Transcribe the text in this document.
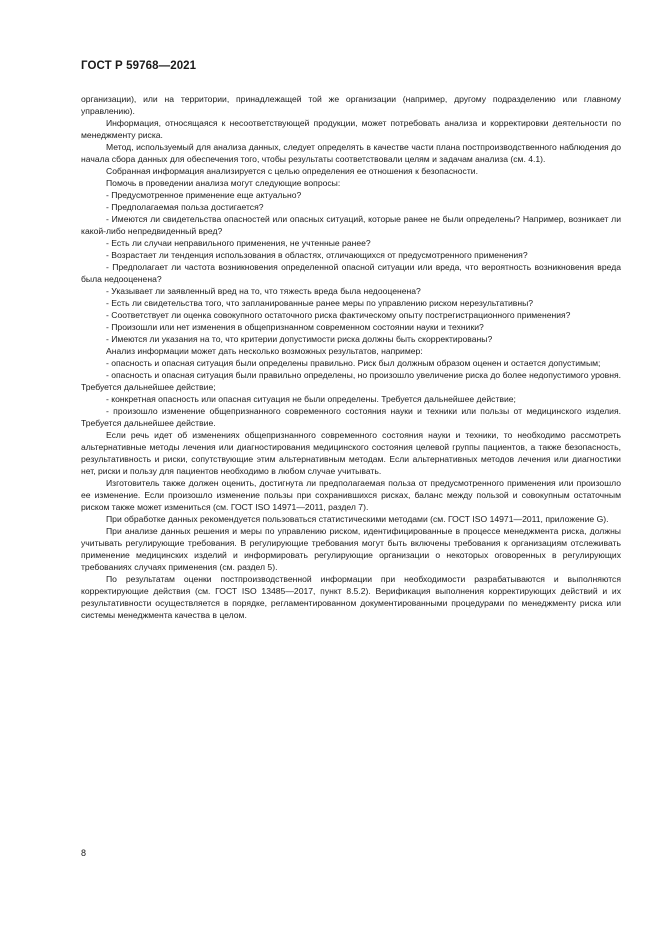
ГОСТ Р 59768—2021

организации), или на территории, принадлежащей той же организации (например, другому подразделению или главному управлению).

Информация, относящаяся к несоответствующей продукции, может потребовать анализа и корректировки деятельности по менеджменту риска.

Метод, используемый для анализа данных, следует определять в качестве части плана постпроизводственного наблюдения до начала сбора данных для обеспечения того, чтобы результаты соответствовали целям и задачам анализа (см. 4.1).

Собранная информация анализируется с целью определения ее отношения к безопасности.

Помочь в проведении анализа могут следующие вопросы:

- Предусмотренное применение еще актуально?

- Предполагаемая польза достигается?

- Имеются ли свидетельства опасностей или опасных ситуаций, которые ранее не были определены? Например, возникает ли какой-либо непредвиденный вред?

- Есть ли случаи неправильного применения, не учтенные ранее?

- Возрастает ли тенденция использования в областях, отличающихся от предусмотренного применения?

- Предполагает ли частота возникновения определенной опасной ситуации или вреда, что вероятность возникновения вреда была недооценена?

- Указывает ли заявленный вред на то, что тяжесть вреда была недооценена?

- Есть ли свидетельства того, что запланированные ранее меры по управлению риском нерезультативны?

- Соответствует ли оценка совокупного остаточного риска фактическому опыту пострегистрационного применения?

- Произошли или нет изменения в общепризнанном современном состоянии науки и техники?

- Имеются ли указания на то, что критерии допустимости риска должны быть скорректированы?

Анализ информации может дать несколько возможных результатов, например:

- опасность и опасная ситуация были определены правильно. Риск был должным образом оценен и остается допустимым;

- опасность и опасная ситуация были правильно определены, но произошло увеличение риска до более недопустимого уровня. Требуется дальнейшее действие;

- конкретная опасность или опасная ситуация не были определены. Требуется дальнейшее действие;

- произошло изменение общепризнанного современного состояния науки и техники или пользы от медицинского изделия. Требуется дальнейшее действие.

Если речь идет об изменениях общепризнанного современного состояния науки и техники, то необходимо рассмотреть альтернативные методы лечения или диагностирования медицинского состояния целевой группы пациентов, а также безопасность, результативность и риски, сопутствующие этим альтернативным методам. Если альтернативных методов лечения или диагностики нет, риски и пользу для пациентов необходимо в любом случае учитывать.

Изготовитель также должен оценить, достигнута ли предполагаемая польза от предусмотренного применения или произошло ее изменение. Если произошло изменение пользы при сохранившихся рисках, баланс между пользой и совокупным остаточным риском также может измениться (см. ГОСТ ISO 14971—2011, раздел 7).

При обработке данных рекомендуется пользоваться статистическими методами (см. ГОСТ ISO 14971—2011, приложение G).

При анализе данных решения и меры по управлению риском, идентифицированные в процессе менеджмента риска, должны учитывать регулирующие требования. В регулирующие требования могут быть включены требования к организациям отслеживать применение медицинских изделий и информировать регулирующие организации о некоторых оговоренных в регулирующих требованиях случаях применения (см. раздел 5).

По результатам оценки постпроизводственной информации при необходимости разрабатываются и выполняются корректирующие действия (см. ГОСТ ISO 13485—2017, пункт 8.5.2). Верификация выполнения корректирующих действий и их результативности осуществляется в порядке, регламентированном документированными процедурами по менеджменту риска или системы менеджмента качества в целом.

8
